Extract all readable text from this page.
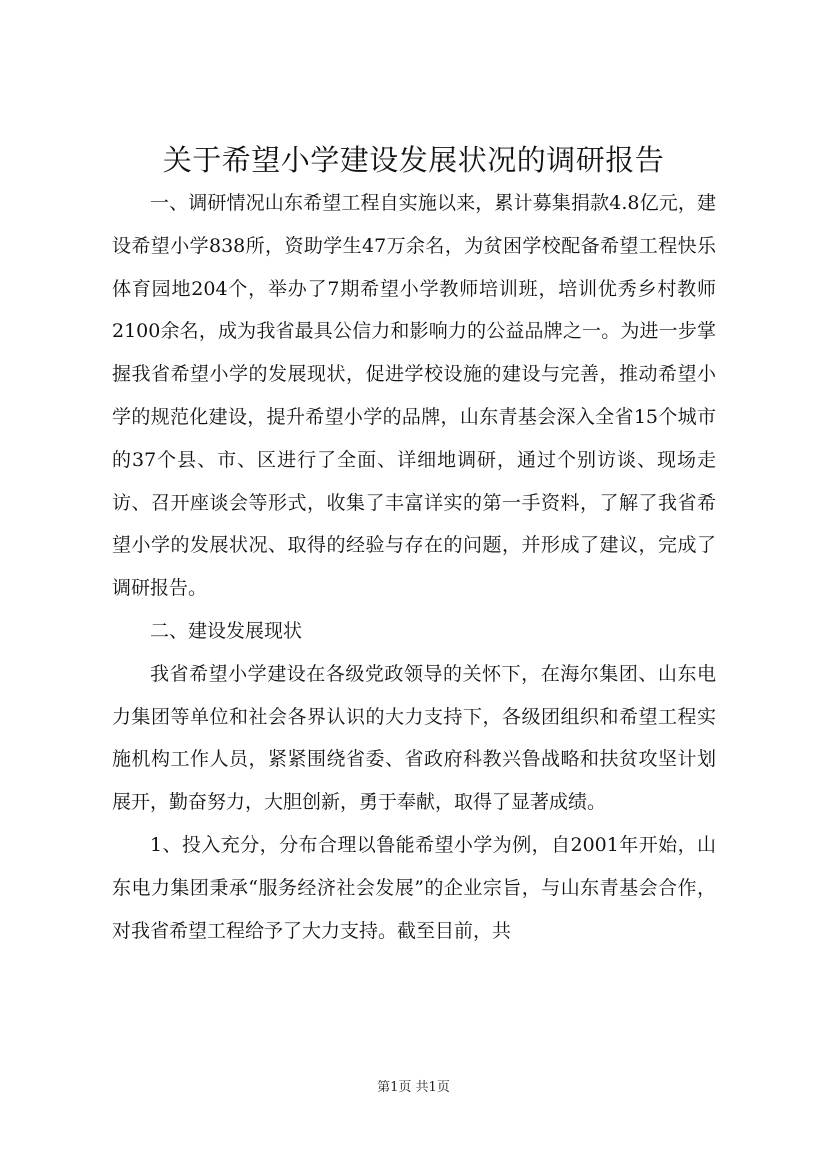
关于希望小学建设发展状况的调研报告

一、调研情况山东希望工程自实施以来，累计募集捐款4.8亿元，建设希望小学838所，资助学生47万余名，为贫困学校配备希望工程快乐体育园地204个，举办了7期希望小学教师培训班，培训优秀乡村教师2100余名，成为我省最具公信力和影响力的公益品牌之一。为进一步掌握我省希望小学的发展现状，促进学校设施的建设与完善，推动希望小学的规范化建设，提升希望小学的品牌，山东青基会深入全省15个城市的37个县、市、区进行了全面、详细地调研，通过个别访谈、现场走访、召开座谈会等形式，收集了丰富详实的第一手资料，了解了我省希望小学的发展状况、取得的经验与存在的问题，并形成了建议，完成了调研报告。

二、建设发展现状

我省希望小学建设在各级党政领导的关怀下，在海尔集团、山东电力集团等单位和社会各界认识的大力支持下，各级团组织和希望工程实施机构工作人员，紧紧围绕省委、省政府科教兴鲁战略和扶贫攻坚计划展开，勤奋努力，大胆创新，勇于奉献，取得了显著成绩。

1、投入充分，分布合理以鲁能希望小学为例，自2001年开始，山东电力集团秉承“服务经济社会发展”的企业宗旨，与山东青基会合作，对我省希望工程给予了大力支持。截至目前，共

第1页 共1页
